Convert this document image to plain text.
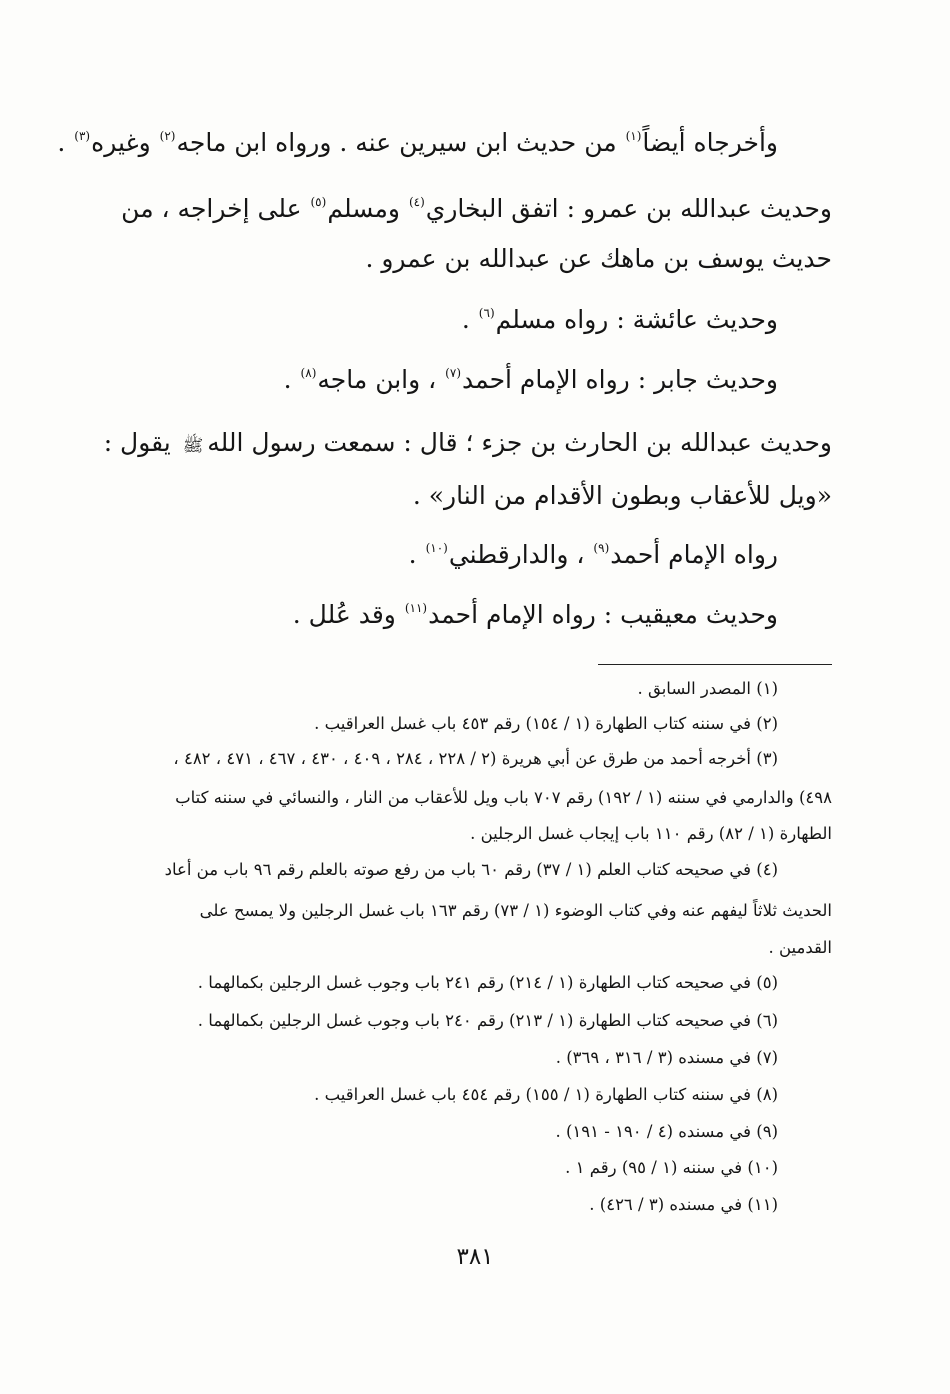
وأخرجاه أيضاً$^{(١)}$ من حديث ابن سيرين عنه . ورواه ابن ماجه$^{(٢)}$ وغيره$^{(٣)}$ .
وحديث عبدالله بن عمرو : اتفق البخاري$^{(٤)}$ ومسلم$^{(٥)}$ على إخراجه ، من
حديث يوسف بن ماهك عن عبدالله بن عمرو .
وحديث عائشة : رواه مسلم$^{(٦)}$ .
وحديث جابر : رواه الإمام أحمد$^{(٧)}$ ، وابن ماجه$^{(٨)}$ .
وحديث عبدالله بن الحارث بن جزء ؛ قال : سمعت رسول اللهﷺ يقول :
«ويل للأعقاب وبطون الأقدام من النار» .
رواه الإمام أحمد$^{(٩)}$ ، والدارقطني$^{(١٠)}$ .
وحديث معيقيب : رواه الإمام أحمد$^{(١١)}$ وقد عُلل .
(١) المصدر السابق .
(٢) في سننه كتاب الطهارة (١ / ١٥٤) رقم ٤٥٣ باب غسل العراقيب .
(٣) أخرجه أحمد من طرق عن أبي هريرة (٢ / ٢٢٨ ، ٢٨٤ ، ٤٠٩ ، ٤٣٠ ، ٤٦٧ ، ٤٧١ ، ٤٨٢ ،
٤٩٨) والدارمي في سننه (١ / ١٩٢) رقم ٧٠٧ باب ويل للأعقاب من النار ، والنسائي في سننه كتاب
الطهارة (١ / ٨٢) رقم ١١٠ باب إيجاب غسل الرجلين .
(٤) في صحيحه كتاب العلم (١ / ٣٧) رقم ٦٠ باب من رفع صوته بالعلم رقم ٩٦ باب من أعاد
الحديث ثلاثاً ليفهم عنه وفي كتاب الوضوء (١ / ٧٣) رقم ١٦٣ باب غسل الرجلين ولا يمسح على
القدمين .
(٥) في صحيحه كتاب الطهارة (١ / ٢١٤) رقم ٢٤١ باب وجوب غسل الرجلين بكمالهما .
(٦) في صحيحه كتاب الطهارة (١ / ٢١٣) رقم ٢٤٠ باب وجوب غسل الرجلين بكمالهما .
(٧) في مسنده (٣ / ٣١٦ ، ٣٦٩) .
(٨) في سننه كتاب الطهارة (١ / ١٥٥) رقم ٤٥٤ باب غسل العراقيب .
(٩) في مسنده (٤ / ١٩٠ - ١٩١) .
(١٠) في سننه (١ / ٩٥) رقم ١ .
(١١) في مسنده (٣ / ٤٢٦) .
٣٨١
